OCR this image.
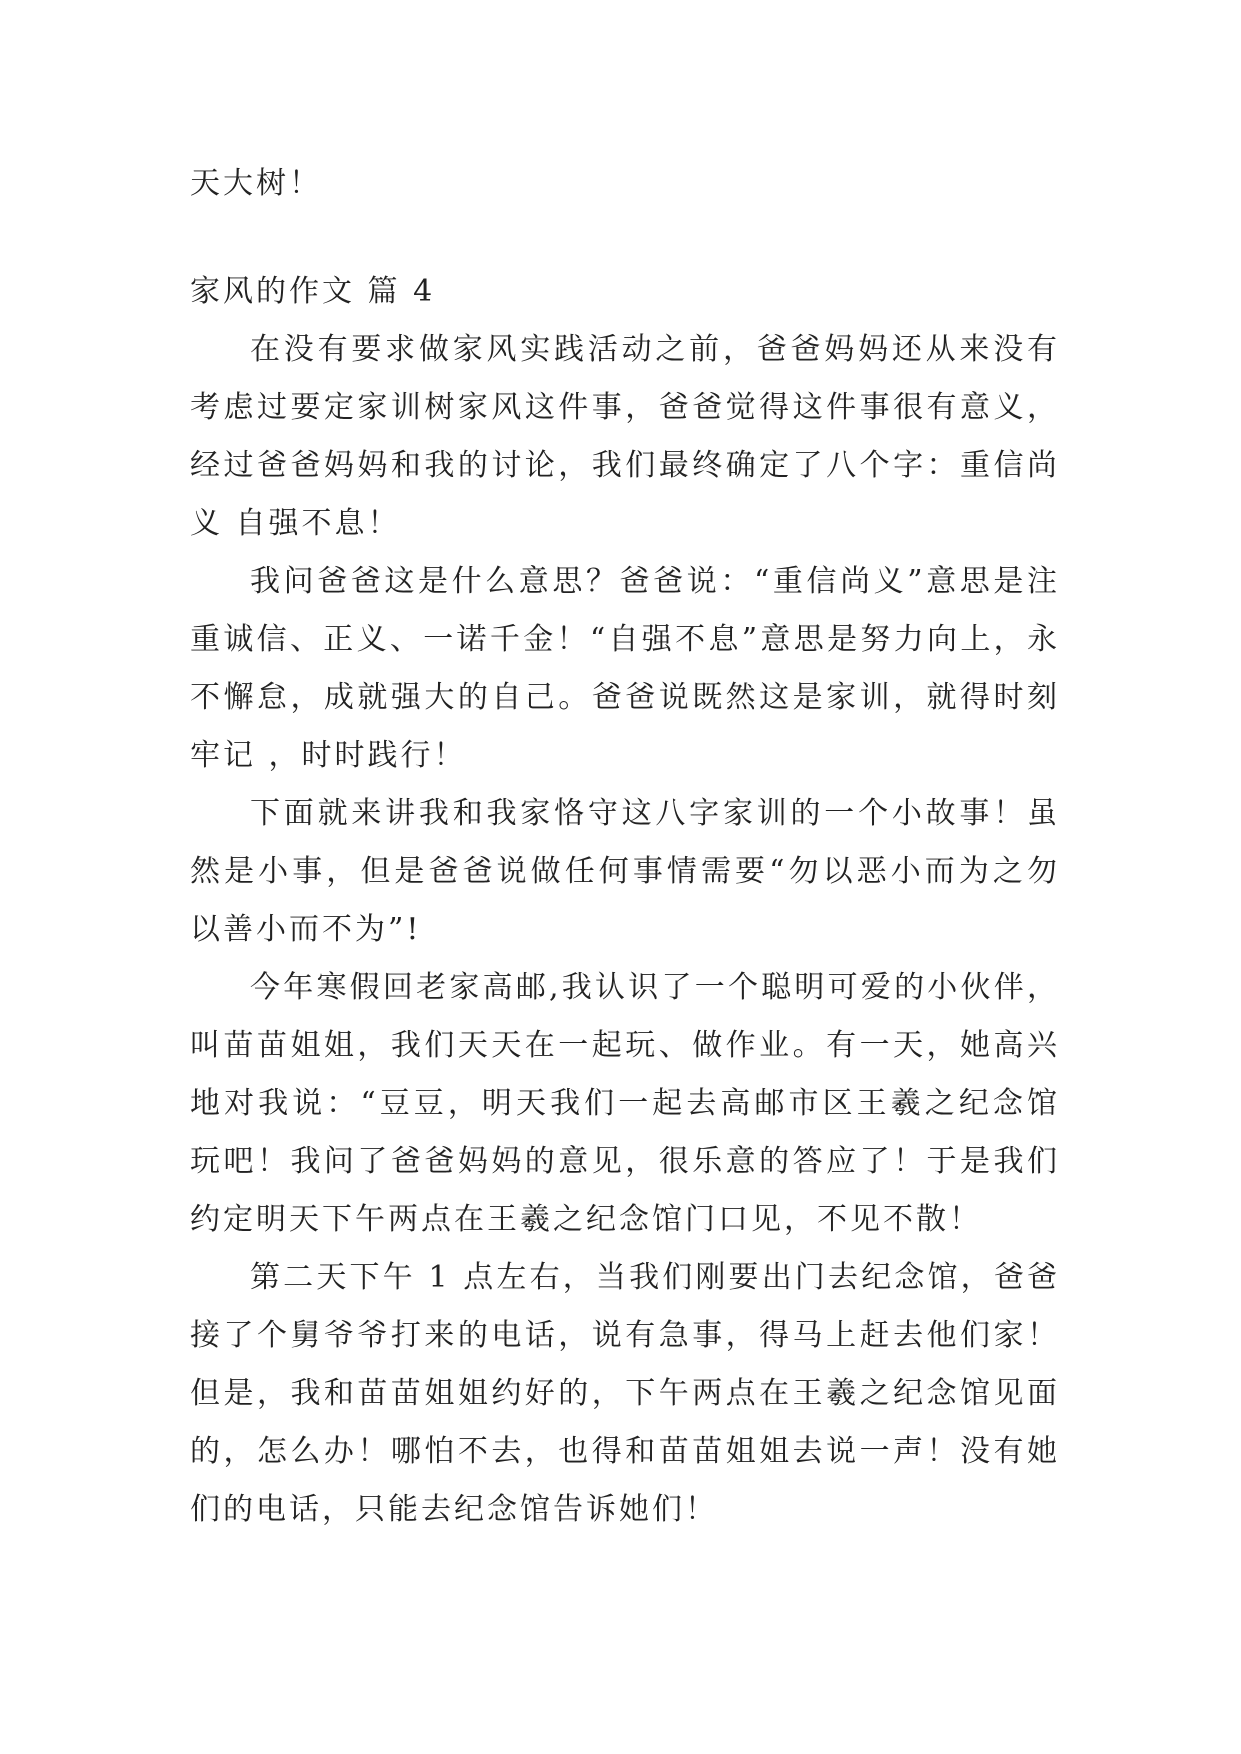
天大树！

家风的作文 篇 4

在没有要求做家风实践活动之前，爸爸妈妈还从来没有考虑过要定家训树家风这件事，爸爸觉得这件事很有意义，经过爸爸妈妈和我的讨论，我们最终确定了八个字：重信尚义 自强不息！

我问爸爸这是什么意思？爸爸说：“重信尚义”意思是注重诚信、正义、一诺千金！“自强不息”意思是努力向上，永不懈怠，成就强大的自己。爸爸说既然这是家训，就得时刻牢记 ，时时践行！

下面就来讲我和我家恪守这八字家训的一个小故事！虽然是小事，但是爸爸说做任何事情需要“勿以恶小而为之勿以善小而不为”!

今年寒假回老家高邮,我认识了一个聪明可爱的小伙伴，叫苗苗姐姐，我们天天在一起玩、做作业。有一天，她高兴地对我说：“豆豆，明天我们一起去高邮市区王羲之纪念馆玩吧！我问了爸爸妈妈的意见，很乐意的答应了！于是我们约定明天下午两点在王羲之纪念馆门口见，不见不散！

第二天下午 1 点左右，当我们刚要出门去纪念馆，爸爸接了个舅爷爷打来的电话，说有急事，得马上赶去他们家！但是，我和苗苗姐姐约好的，下午两点在王羲之纪念馆见面的，怎么办！哪怕不去，也得和苗苗姐姐去说一声！没有她们的电话，只能去纪念馆告诉她们！
